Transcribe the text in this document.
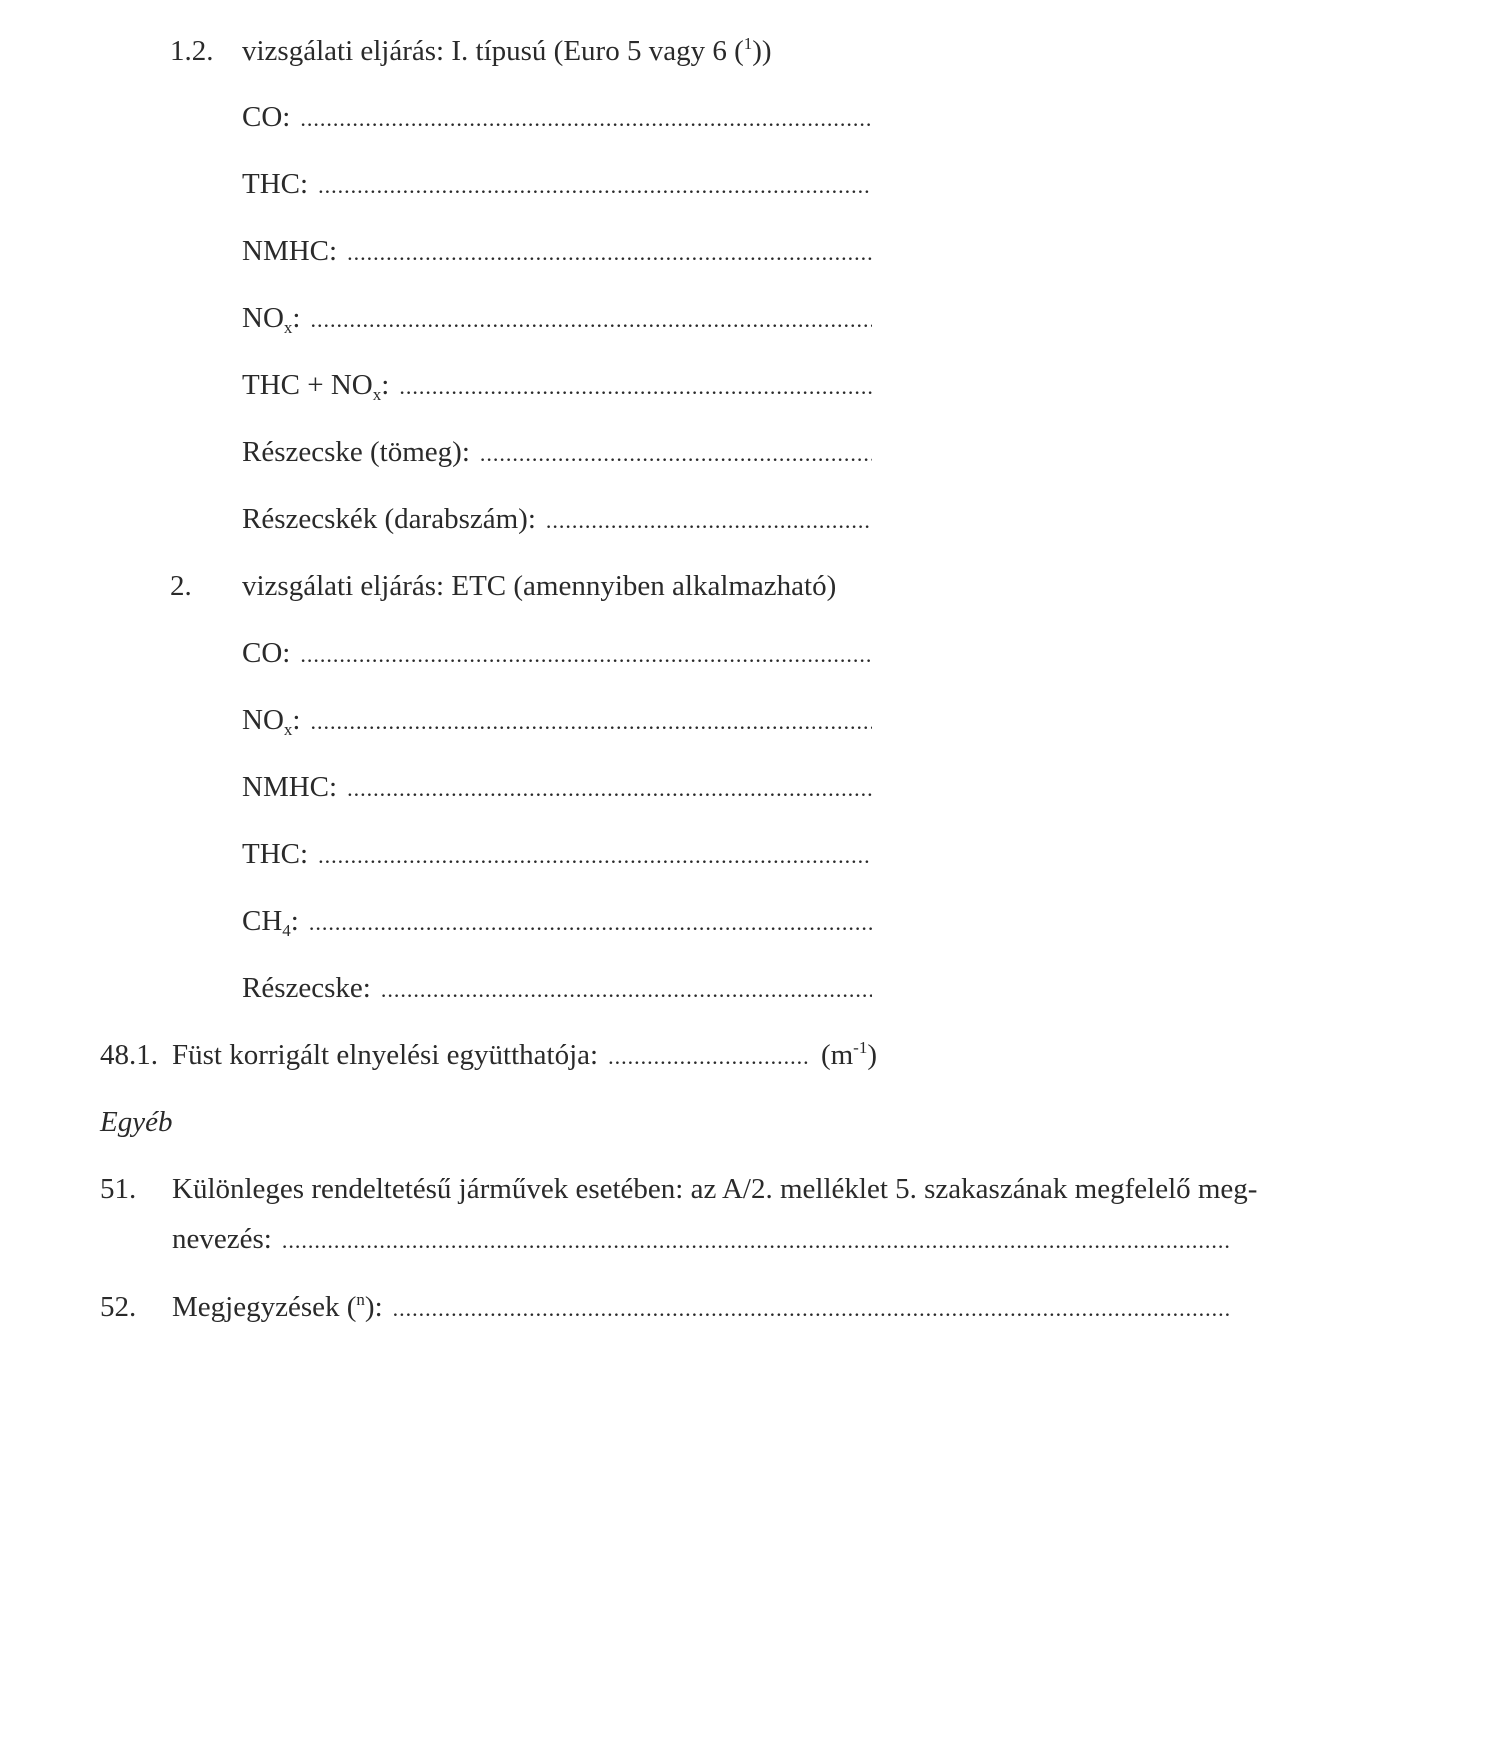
1.2. vizsgálati eljárás: I. típusú (Euro 5 vagy 6 ($^1$))
CO:
.....
THC:
.....
NMHC:
.....
$NO_x$:
.....
THC + $NO_x$:
.....
Részecske (tömeg):
.....
Részecskék (darabszám):
.....
2. vizsgálati eljárás: ETC (amennyiben alkalmazható)
CO:
.....
$NO_x$:
.....
NMHC:
.....
THC:
.....
$CH_4$:
.....
Részecske:
.....
48.1. Füst korrigált elnyelési együtthatója:
.....	$(m^{-1})$
Egyéb
51. Különleges rendeltetésű járművek esetében: az A/2. melléklet 5. szakaszának megfelelő meg-
nevezés:
.....
52. Megjegyzések ($^n$):
.....
